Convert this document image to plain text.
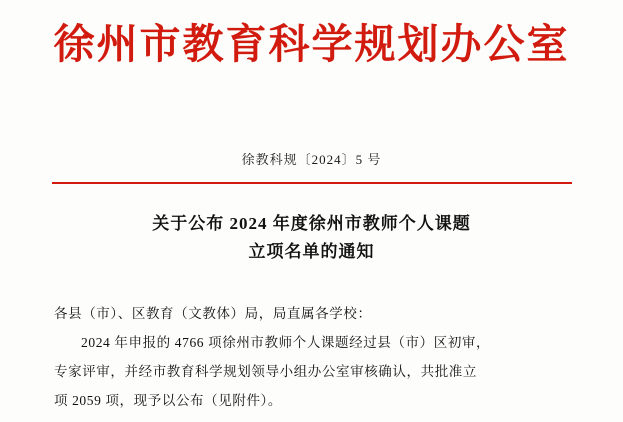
徐州市教育科学规划办公室
徐教科规〔2024〕5 号
关于公布 2024 年度徐州市教师个人课题
立项名单的通知

各县（市）、区教育（文教体）局，局直属各学校：

2024 年申报的 4766 项徐州市教师个人课题经过县（市）区初审，

专家评审，并经市教育科学规划领导小组办公室审核确认，共批准立

项 2059 项，现予以公布（见附件）。
